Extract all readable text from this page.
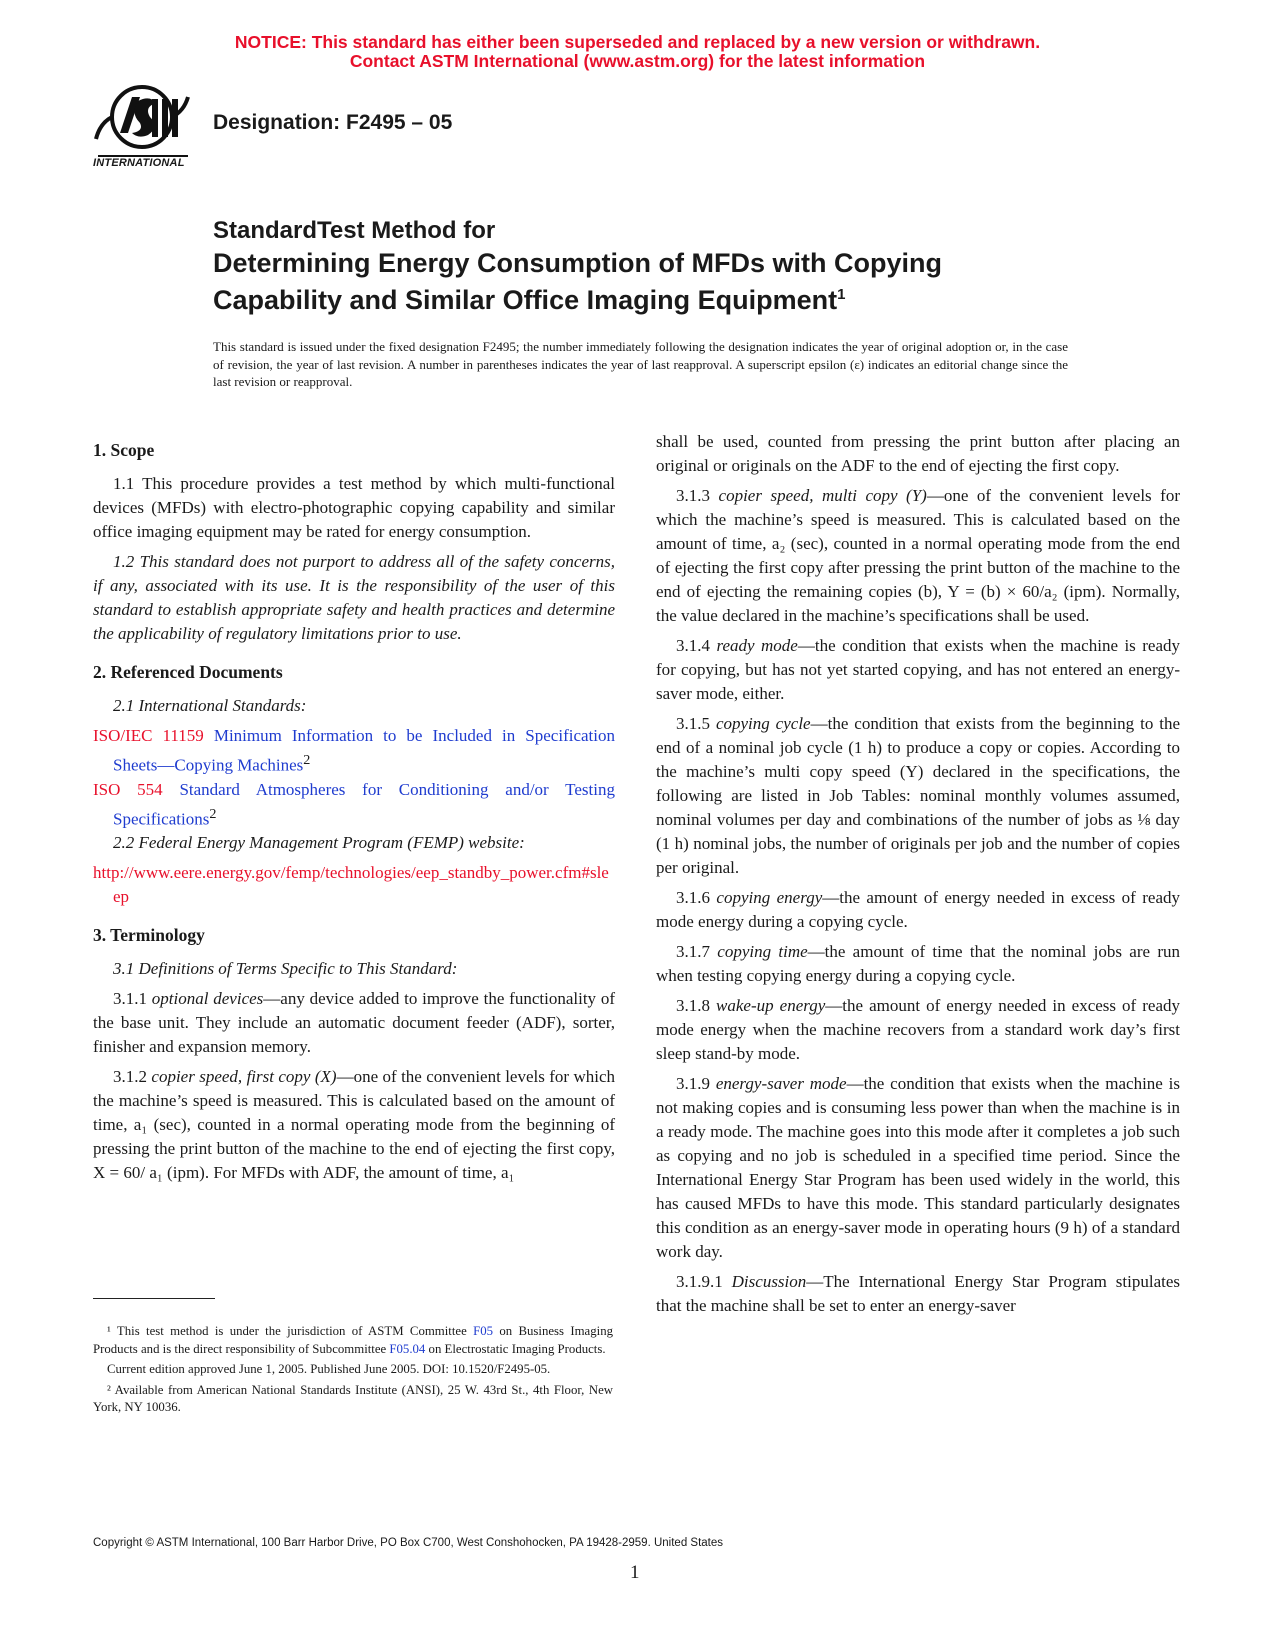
NOTICE: This standard has either been superseded and replaced by a new version or withdrawn.
Contact ASTM International (www.astm.org) for the latest information
INTERNATIONAL
Designation: F2495 – 05
StandardTest Method for
Determining Energy Consumption of MFDs with Copying
Capability and Similar Office Imaging Equipment$^1$
This standard is issued under the fixed designation F2495; the number immediately following the designation indicates the year of original adoption or, in the case of revision, the year of last revision. A number in parentheses indicates the year of last reapproval. A superscript epsilon (ε) indicates an editorial change since the last revision or reapproval.
1. Scope

1.1 This procedure provides a test method by which multi-functional devices (MFDs) with electro-photographic copying capability and similar office imaging equipment may be rated for energy consumption.

1.2 This standard does not purport to address all of the safety concerns, if any, associated with its use. It is the responsibility of the user of this standard to establish appropriate safety and health practices and determine the applicability of regulatory limitations prior to use.

2. Referenced Documents

2.1 International Standards:

ISO/IEC 11159 Minimum Information to be Included in Specification Sheets—Copying Machines$^2$
ISO 554 Standard Atmospheres for Conditioning and/or Testing Specifications$^2$

2.2 Federal Energy Management Program (FEMP) website:

http://www.eere.energy.gov/femp/technologies/eep_standby_power.cfm#sleep
3. Terminology

3.1 Definitions of Terms Specific to This Standard:

3.1.1 optional devices—any device added to improve the functionality of the base unit. They include an automatic document feeder (ADF), sorter, finisher and expansion memory.

3.1.2 copier speed, first copy (X)—one of the convenient levels for which the machine’s speed is measured. This is calculated based on the amount of time, a₁ (sec), counted in a normal operating mode from the beginning of pressing the print button of the machine to the end of ejecting the first copy, X = 60/ a₁ (ipm). For MFDs with ADF, the amount of time, a₁

shall be used, counted from pressing the print button after placing an original or originals on the ADF to the end of ejecting the first copy.

3.1.3 copier speed, multi copy (Y)—one of the convenient levels for which the machine’s speed is measured. This is calculated based on the amount of time, a₂ (sec), counted in a normal operating mode from the end of ejecting the first copy after pressing the print button of the machine to the end of ejecting the remaining copies (b), Y = (b) × 60/a₂ (ipm). Normally, the value declared in the machine’s specifications shall be used.

3.1.4 ready mode—the condition that exists when the machine is ready for copying, but has not yet started copying, and has not entered an energy-saver mode, either.

3.1.5 copying cycle—the condition that exists from the beginning to the end of a nominal job cycle (1 h) to produce a copy or copies. According to the machine’s multi copy speed (Y) declared in the specifications, the following are listed in Job Tables: nominal monthly volumes assumed, nominal volumes per day and combinations of the number of jobs as ⅛ day (1 h) nominal jobs, the number of originals per job and the number of copies per original.

3.1.6 copying energy—the amount of energy needed in excess of ready mode energy during a copying cycle.

3.1.7 copying time—the amount of time that the nominal jobs are run when testing copying energy during a copying cycle.

3.1.8 wake-up energy—the amount of energy needed in excess of ready mode energy when the machine recovers from a standard work day’s first sleep stand-by mode.

3.1.9 energy-saver mode—the condition that exists when the machine is not making copies and is consuming less power than when the machine is in a ready mode. The machine goes into this mode after it completes a job such as copying and no job is scheduled in a specified time period. Since the International Energy Star Program has been used widely in the world, this has caused MFDs to have this mode. This standard particularly designates this condition as an energy-saver mode in operating hours (9 h) of a standard work day.

3.1.9.1 Discussion—The International Energy Star Program stipulates that the machine shall be set to enter an energy-saver

¹ This test method is under the jurisdiction of ASTM Committee F05 on Business Imaging Products and is the direct responsibility of Subcommittee F05.04 on Electrostatic Imaging Products.

Current edition approved June 1, 2005. Published June 2005. DOI: 10.1520/F2495-05.

² Available from American National Standards Institute (ANSI), 25 W. 43rd St., 4th Floor, New York, NY 10036.

Copyright © ASTM International, 100 Barr Harbor Drive, PO Box C700, West Conshohocken, PA 19428-2959. United States
1
